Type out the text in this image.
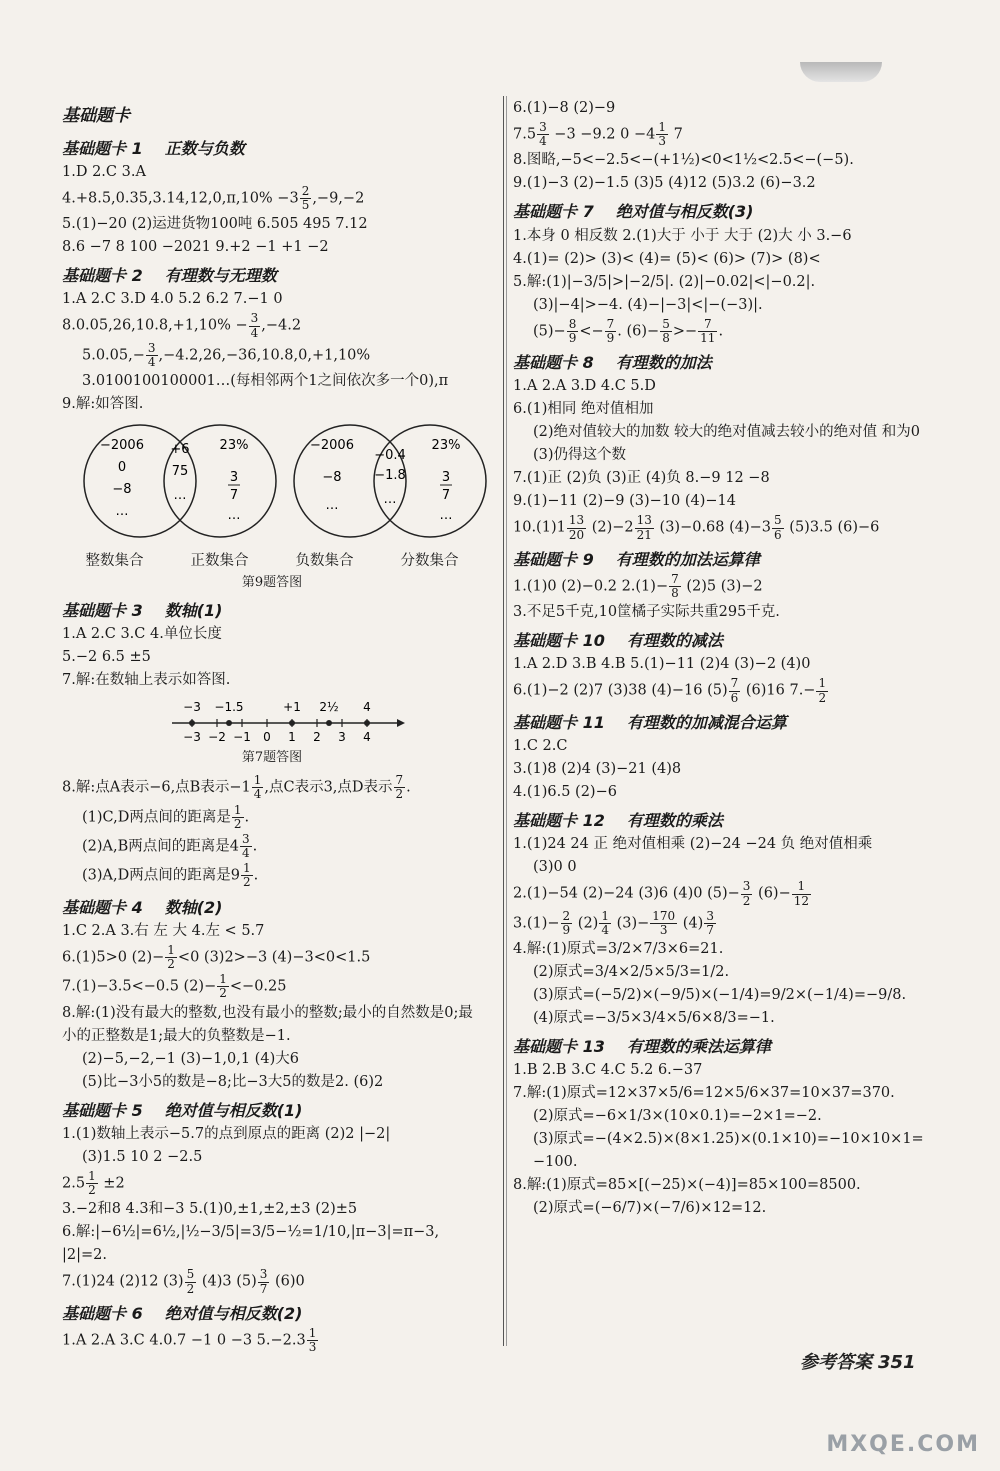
基础题卡
基础题卡 1 正数与负数
1.D 2.C 3.A
$4.+8.5,0.35,3.14,12,0,\pi,10\% -3 \frac{2}{5} ,-9,-2$
5.(1)−20 (2)运进货物100吨 6.505 495 7.12
8.6 −7 8 100 −2021 9.+2 −1 +1 −2
基础题卡 2 有理数与无理数
1.A 2.C 3.D 4.0 5.2 6.2 7.−1 0
$8.0.05,26,10.8,+1,10\% - \frac{3}{4} ,-4.2$
$5.0.05,- \frac{3}{4} ,-4.2,26,-36,10.8,0,+1,10\%$
3.0100100100001…(每相邻两个1之间依次多一个0),π
9.解:如答图.
−2006
0
−8
…
+6
75
…
23%
3
7
…
−2006
−8
…
−0.4
−1.8
…
23%
3
7
…
整数集合	正数集合	负数集合	分数集合
第9题答图
基础题卡 3 数轴(1)
1.A 2.C 3.C 4.单位长度
5.−2 6.5 ±5
7.解:在数轴上表示如答图.
−3 −1.5	+1 2½ 4
−3 −2 −1 0 1 2 3 4
第7题答图
8.解:点A表示−6,点B表示$-1 \frac{1}{4}$ ,点C表示3,点D表示 $\frac{7}{2}$ .
(1)C,D两点间的距离是 $\frac{1}{2}$ .
(2)A,B两点间的距离是$4 \frac{3}{4}$ .
(3)A,D两点间的距离是$9 \frac{1}{2}$ .
基础题卡 4 数轴(2)
1.C 2.A 3.右 左 大 4.左 < 5.7
6.(1)5>0 $(2)- \frac{1}{2} <0$ (3)2>−3 (4)−3<0<1.5
7.(1)−3.5<−0.5 $(2)- \frac{1}{2} <-0.25$
8.解:(1)没有最大的整数,也没有最小的整数;最小的自然数是0;最
小的正整数是1;最大的负整数是−1.
(2)−5,−2,−1 (3)−1,0,1 (4)大6
(5)比−3小5的数是−8;比−3大5的数是2. (6)2
基础题卡 5 绝对值与相反数(1)
1.(1)数轴上表示−5.7的点到原点的距离 (2)2 |−2|
(3)1.5 10 2 −2.5
$2.5 \frac{1}{2} \pm 2$
3.−2和8 4.3和−3 5.(1)0,±1,±2,±3 (2)±5
6.解:|−6½|=6½,|½−3/5|=3/5−½=1/10,|π−3|=π−3,
|2|=2.
7.(1)24 (2)12 $(3) \frac{5}{2} (4)3$ $(5) \frac{3}{7} (6)0$
基础题卡 6 绝对值与相反数(2)
1.A 2.A 3.C 4.0.7 −1 0 −3 $5.-2.3 \frac{1}{3}$
6.(1)−8 (2)−9
$7.5 \frac{3}{4} -3 -9.2$ $0 -4 \frac{1}{3} 7$
8.图略,−5<−2.5<−(+1½)<0<1½<2.5<−(−5).
9.(1)−3 (2)−1.5 (3)5 (4)12 (5)3.2 (6)−3.2
基础题卡 7 绝对值与相反数(3)
1.本身 0 相反数 2.(1)大于 小于 大于 (2)大 小 3.−6
4.(1)= (2)> (3)< (4)= (5)< (6)> (7)> (8)<
5.解:(1)|−3/5|>|−2/5|. (2)|−0.02|<|−0.2|.
(3)|−4|>−4. (4)−|−3|<|−(−3)|.
$(5)- \frac{8}{9} <- \frac{7}{9}$ . $(6)- \frac{5}{8} >- \frac{7}{11}$ .
基础题卡 8 有理数的加法
1.A 2.A 3.D 4.C 5.D
6.(1)相同 绝对值相加
(2)绝对值较大的加数 较大的绝对值减去较小的绝对值 和为0
(3)仍得这个数
7.(1)正 (2)负 (3)正 (4)负 8.−9 12 −8
9.(1)−11 (2)−9 (3)−10 (4)−14
$10.(1)1 \frac{13}{20} (2)-2 \frac{13}{21} (3)-0.68$ $(4)-3 \frac{5}{6} (5)3.5$ (6)−6
基础题卡 9 有理数的加法运算律
1.(1)0 (2)−0.2 $2.(1)- \frac{7}{8} (2)5$ (3)−2
3.不足5千克,10筐橘子实际共重295千克.
基础题卡 10 有理数的减法
1.A 2.D 3.B 4.B 5.(1)−11 (2)4 (3)−2 (4)0
6.(1)−2 (2)7 (3)38 (4)−16 $(5) \frac{7}{6} (6)16$ $7.- \frac{1}{2}$
基础题卡 11 有理数的加减混合运算
1.C 2.C
3.(1)8 (2)4 (3)−21 (4)8
4.(1)6.5 (2)−6
基础题卡 12 有理数的乘法
1.(1)24 24 正 绝对值相乘 (2)−24 −24 负 绝对值相乘
(3)0 0
2.(1)−54 (2)−24 (3)6 (4)0 $(5)- \frac{3}{2} (6)- \frac{1}{12}$
$3.(1)- \frac{2}{9} (2) \frac{1}{4} (3)- \frac{170}{3} (4) \frac{3}{7}$
4.解:(1)原式=3/2×7/3×6=21.
(2)原式=3/4×2/5×5/3=1/2.
(3)原式=(−5/2)×(−9/5)×(−1/4)=9/2×(−1/4)=−9/8.
(4)原式=−3/5×3/4×5/6×8/3=−1.
基础题卡 13 有理数的乘法运算律
1.B 2.B 3.C 4.C 5.2 6.−37
7.解:(1)原式=12×37×5/6=12×5/6×37=10×37=370.
(2)原式=−6×1/3×(10×0.1)=−2×1=−2.
(3)原式=−(4×2.5)×(8×1.25)×(0.1×10)=−10×10×1=
−100.
8.解:(1)原式=85×[(−25)×(−4)]=85×100=8500.
(2)原式=(−6/7)×(−7/6)×12=12.
参考答案 351
MXQE.COM
